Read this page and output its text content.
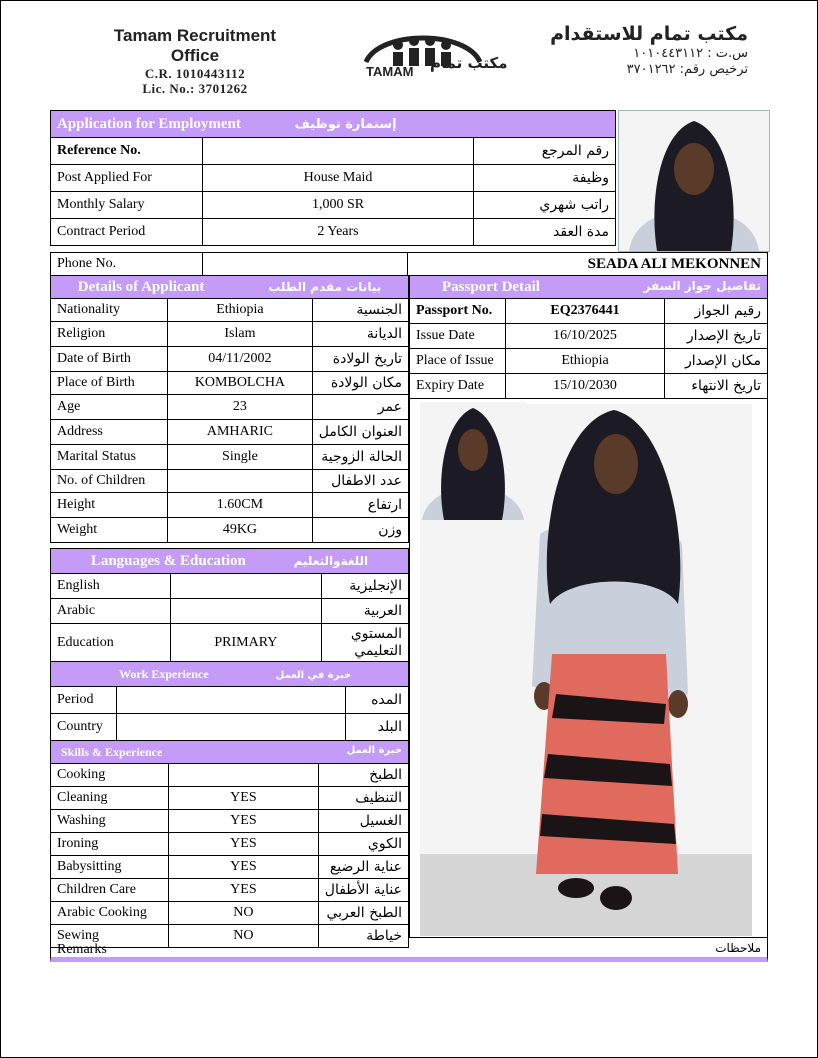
Tamam Recruitment Office
C.R. 1010443112
Lic. No.: 3701262
TAMAM مكتب تمام
مكتب تمام للاستقدام
س.ت : ١٠١٠٤٤٣١١٢
ترخيص رقم: ٣٧٠١٢٦٢
Application for Employment إستمارة توظيف		
Reference No.		رقم المرجع
Post Applied For	House Maid	وظيفة
Monthly Salary	1,000 SR	راتب شهري
Contract Period	2 Years	مدة العقد
Phone No.		SEADA ALI MEKONNEN
Details of Applicant بيانات مقدم الطلب		
Nationality	Ethiopia	الجنسية
Religion	Islam	الديانة
Date of Birth	04/11/2002	تاريخ الولادة
Place of Birth	KOMBOLCHA	مكان الولادة
Age	23	عمر
Address	AMHARIC	العنوان الكامل
Marital Status	Single	الحالة الزوجية
No. of Children		عدد الاطفال
Height	1.60CM	ارتفاع
Weight	49KG	وزن
Languages & Education اللغةوالتعليم		
English		الإنجليزية
Arabic		العربية
Education	PRIMARY	المستوي التعليمي
Work Experience خبرة في العمل		
Period		المده
Country		البلد
Skills & Experience خبرة العمل		

Cooking		الطبخ
Cleaning	YES	التنظيف
Washing	YES	الغسيل
Ironing	YES	الكوي
Babysitting	YES	عناية الرضيع
Children Care	YES	عناية الأطفال
Arabic Cooking	NO	الطبخ العربي
Sewing	NO	خياطة
Passport Detail تفاصيل جواز السفر		

Passport No.	EQ2376441	رقيم الجواز
Issue Date	16/10/2025	تاريخ الإصدار
Place of Issue	Ethiopia	مكان الإصدار
Expiry Date	15/10/2030	تاريخ الانتهاء
Remarks	ملاحظات
